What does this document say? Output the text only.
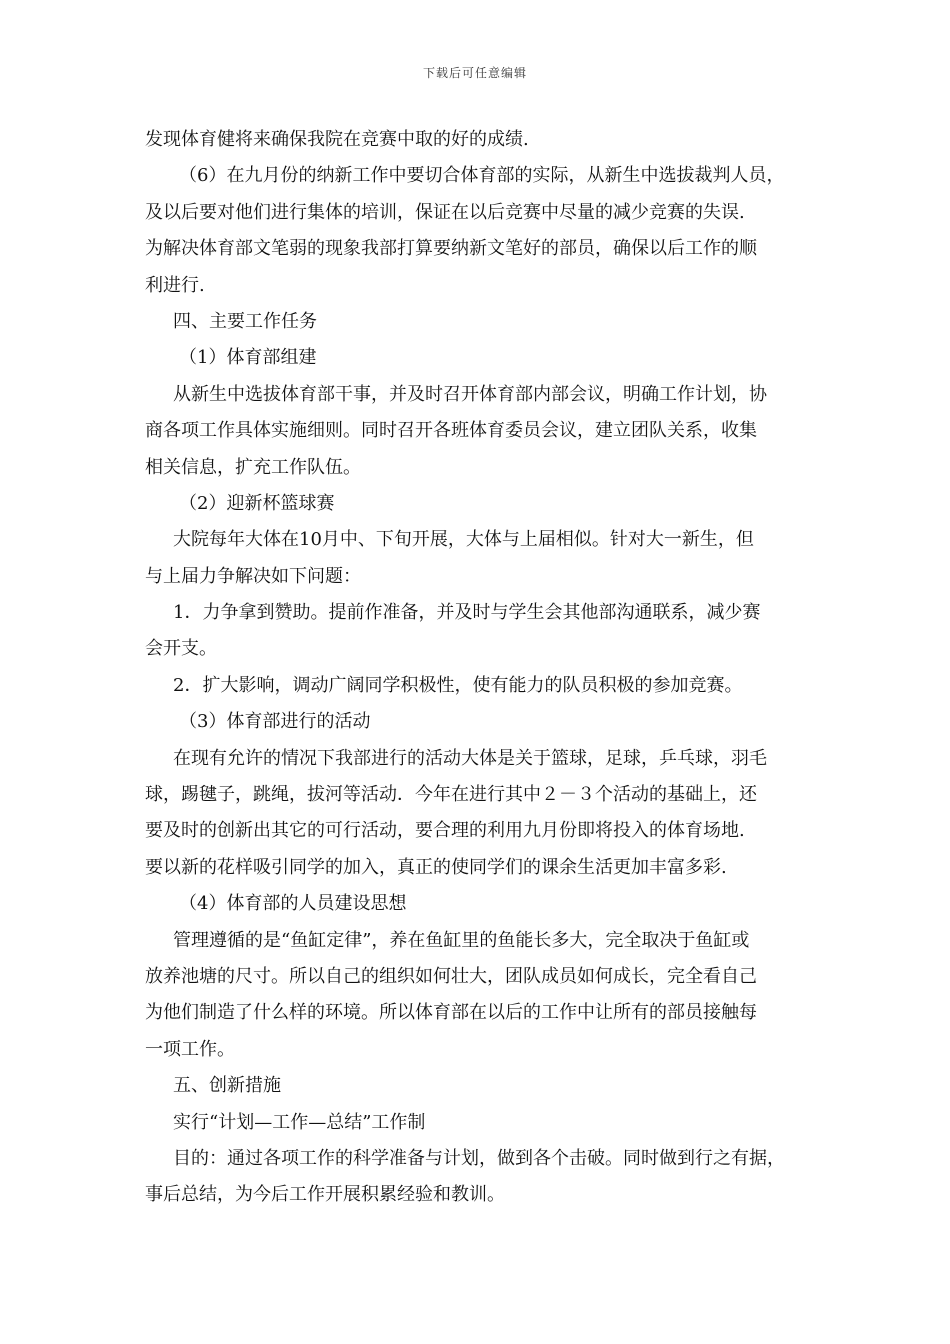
下载后可任意编辑
发现体育健将来确保我院在竞赛中取的好的成绩.
（6）在九月份的纳新工作中要切合体育部的实际，从新生中选拔裁判人员，
及以后要对他们进行集体的培训，保证在以后竞赛中尽量的减少竞赛的失误.
为解决体育部文笔弱的现象我部打算要纳新文笔好的部员，确保以后工作的顺
利进行.
四、主要工作任务
（1）体育部组建
从新生中选拔体育部干事，并及时召开体育部内部会议，明确工作计划，协
商各项工作具体实施细则。同时召开各班体育委员会议，建立团队关系，收集
相关信息，扩充工作队伍。
（2）迎新杯篮球赛
大院每年大体在10月中、下旬开展，大体与上届相似。针对大一新生，但
与上届力争解决如下问题：
1．力争拿到赞助。提前作准备，并及时与学生会其他部沟通联系，减少赛
会开支。
2．扩大影响，调动广阔同学积极性，使有能力的队员积极的参加竞赛。
（3）体育部进行的活动
在现有允许的情况下我部进行的活动大体是关于篮球，足球，乒乓球，羽毛
球，踢毽子，跳绳，拔河等活动．今年在进行其中２－３个活动的基础上，还
要及时的创新出其它的可行活动，要合理的利用九月份即将投入的体育场地.
要以新的花样吸引同学的加入，真正的使同学们的课余生活更加丰富多彩.
（4）体育部的人员建设思想
管理遵循的是“鱼缸定律”，养在鱼缸里的鱼能长多大，完全取决于鱼缸或
放养池塘的尺寸。所以自己的组织如何壮大，团队成员如何成长，完全看自己
为他们制造了什么样的环境。所以体育部在以后的工作中让所有的部员接触每
一项工作。
五、创新措施
实行“计划—工作—总结”工作制
目的：通过各项工作的科学准备与计划，做到各个击破。同时做到行之有据，
事后总结，为今后工作开展积累经验和教训。
